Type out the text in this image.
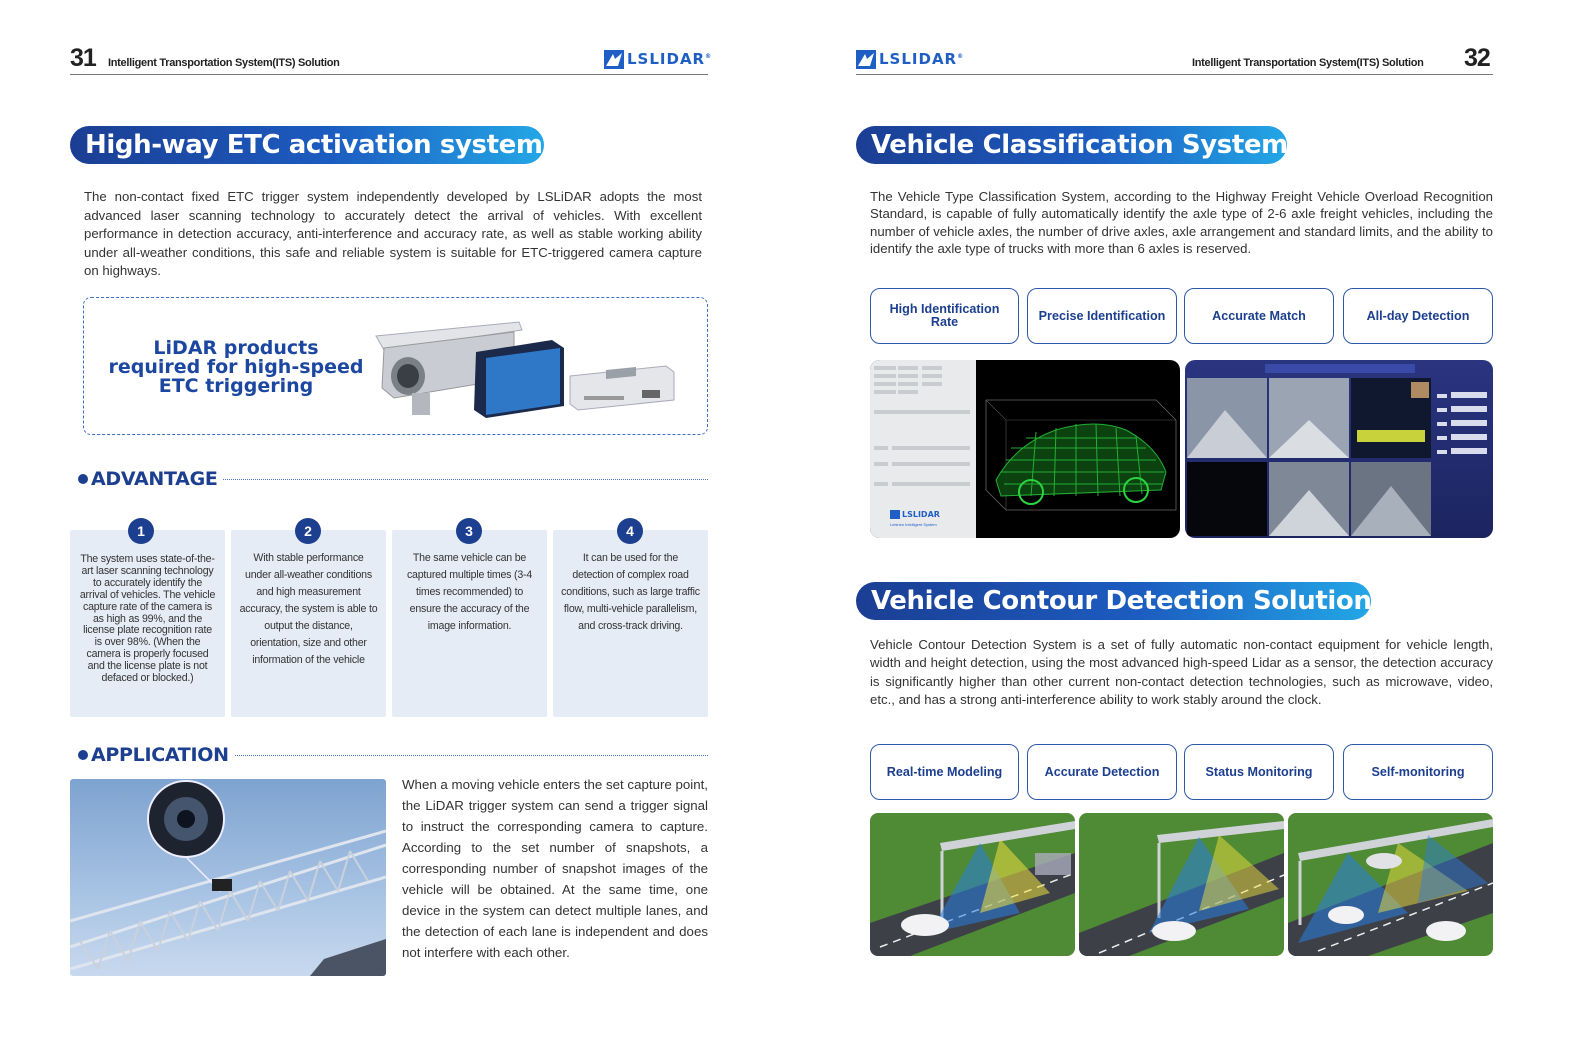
31 Intelligent Transportation System(ITS) Solution	LSLIDAR®
High-way ETC activation system
The non-contact fixed ETC trigger system independently developed by LSLiDAR adopts the most advanced laser scanning technology to accurately detect the arrival of vehicles. With excellent performance in detection accuracy, anti-interference and accuracy rate, as well as stable working ability under all-weather conditions, this safe and reliable system is suitable for ETC-triggered camera capture on highways.
LiDAR products
required for high-speed
ETC triggering
ADVANTAGE
The system uses state-of-the-art laser scanning technology to accurately identify the arrival of vehicles. The vehicle capture rate of the camera is as high as 99%, and the license plate recognition rate is over 98%. (When the camera is properly focused and the license plate is not defaced or blocked.)
With stable performance under all-weather conditions and high measurement accuracy, the system is able to output the distance, orientation, size and other information of the vehicle
The same vehicle can be captured multiple times (3-4 times recommended) to ensure the accuracy of the image information.
It can be used for the detection of complex road conditions, such as large traffic flow, multi-vehicle parallelism, and cross-track driving.
1	2	3	4
APPLICATION
When a moving vehicle enters the set capture point, the LiDAR trigger system can send a trigger signal to instruct the corresponding camera to capture. According to the set number of snapshots, a corresponding number of snapshot images of the vehicle will be obtained. At the same time, one device in the system can detect multiple lanes, and the detection of each lane is independent and does not interfere with each other.
LSLIDAR®
Intelligent Transportation System(ITS) Solution 32
Vehicle Classification System
The Vehicle Type Classification System, according to the Highway Freight Vehicle Overload Recognition Standard, is capable of fully automatically identify the axle type of 2-6 axle freight vehicles, including the number of vehicle axles, the number of drive axles, axle arrangement and standard limits, and the ability to identify the axle type of trucks with more than 6 axles is reserved.
High Identification Rate	Precise Identification	Accurate Match	All-day Detection
LSLIDAR
Leishen Intelligent System
Vehicle Contour Detection Solution
Vehicle Contour Detection System is a set of fully automatic non-contact equipment for vehicle length, width and height detection, using the most advanced high-speed Lidar as a sensor, the detection accuracy is significantly higher than other current non-contact detection technologies, such as microwave, video, etc., and has a strong anti-interference ability to work stably around the clock.
Real-time Modeling	Accurate Detection	Status Monitoring	Self-monitoring
